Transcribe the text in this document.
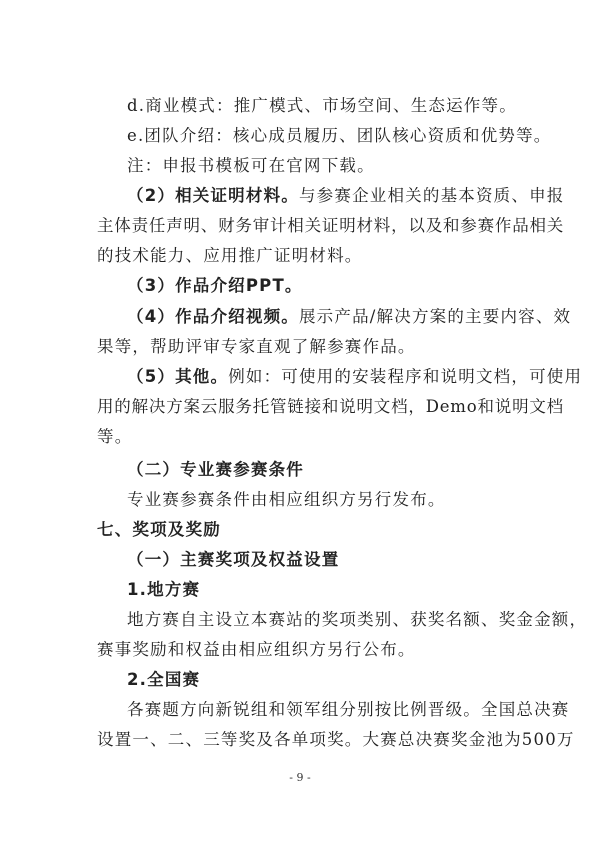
d.商业模式：推广模式、市场空间、生态运作等。
e.团队介绍：核心成员履历、团队核心资质和优势等。
注：申报书模板可在官网下载。
（2）相关证明材料。与参赛企业相关的基本资质、申报
主体责任声明、财务审计相关证明材料，以及和参赛作品相关
的技术能力、应用推广证明材料。
（3）作品介绍PPT。
（4）作品介绍视频。展示产品/解决方案的主要内容、效
果等，帮助评审专家直观了解参赛作品。
（5）其他。例如：可使用的安装程序和说明文档，可使用
用的解决方案云服务托管链接和说明文档，Demo和说明文档
等。
（二）专业赛参赛条件
专业赛参赛条件由相应组织方另行发布。
七、奖项及奖励
（一）主赛奖项及权益设置
1.地方赛
地方赛自主设立本赛站的奖项类别、获奖名额、奖金金额，
赛事奖励和权益由相应组织方另行公布。
2.全国赛
各赛题方向新锐组和领军组分别按比例晋级。全国总决赛
设置一、二、三等奖及各单项奖。大赛总决赛奖金池为500万
- 9 -
